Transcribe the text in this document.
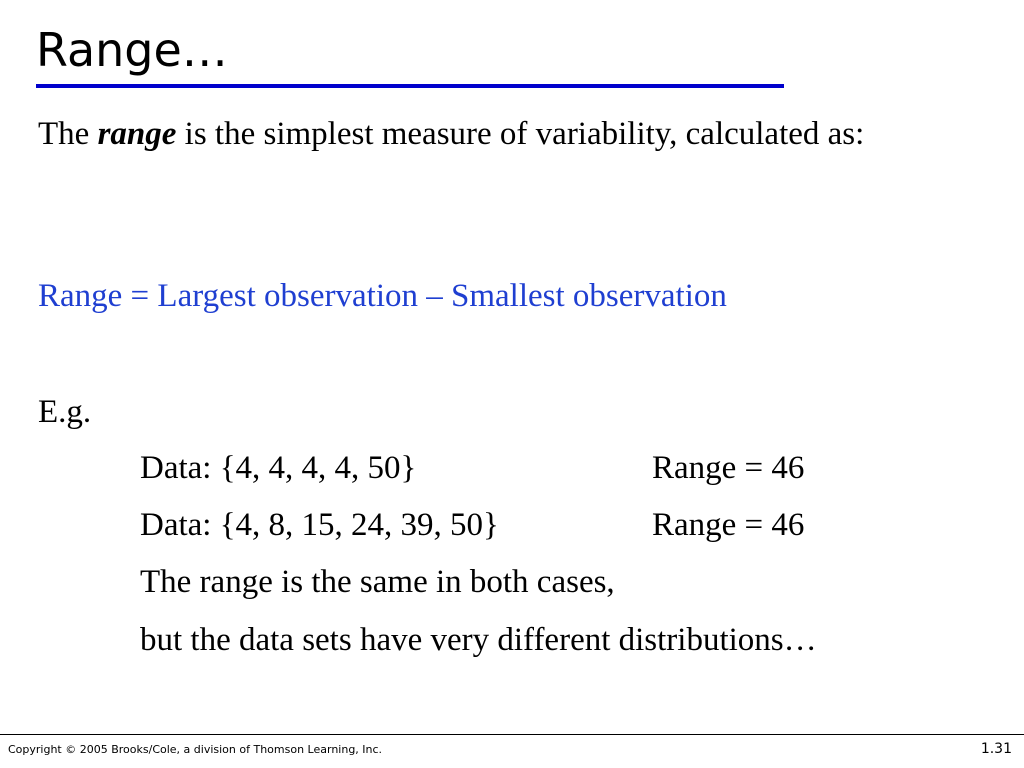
Range…
The range is the simplest measure of variability, calculated as:
Range = Largest observation – Smallest observation
E.g.
Data: {4, 4, 4, 4, 50}	Range = 46
Data: {4, 8, 15, 24, 39, 50}	Range = 46
The range is the same in both cases,
but the data sets have very different distributions…
Copyright © 2005 Brooks/Cole, a division of Thomson Learning, Inc.	1.31
